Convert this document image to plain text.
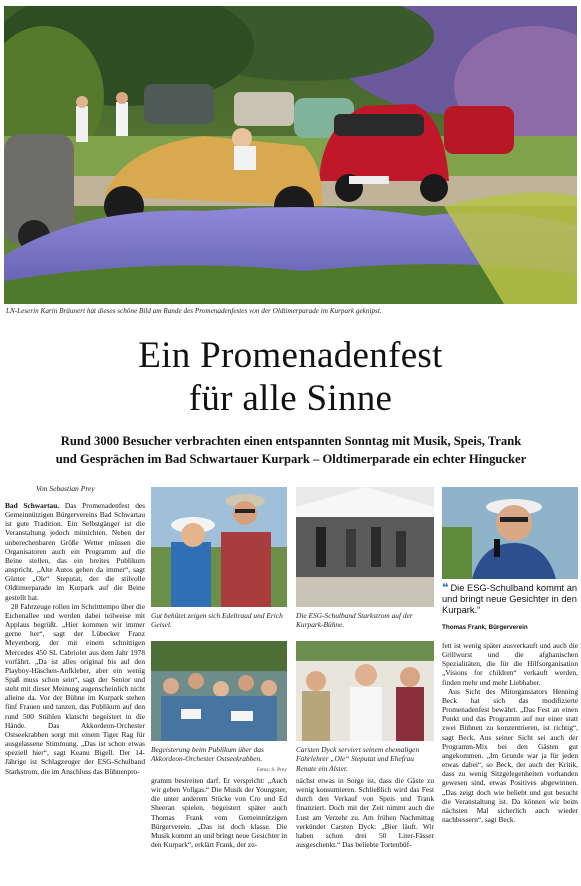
LN-Leserin Karin Bräunert hat dieses schöne Bild am Rande des Promenadenfestes von der Oldtimerparade im Kurpark geknipst.
Ein Promenadenfest
für alle Sinne
Rund 3000 Besucher verbrachten einen entspannten Sonntag mit Musik, Speis, Trank
und Gesprächen im Bad Schwartauer Kurpark – Oldtimerparade ein echter Hingucker
Von Sebastian Prey

Bad Schwartau. Das Promenadenfest des Gemeinnützigen Bürgervereins Bad Schwartau ist gute Tradition. Ein Selbstgänger ist die Veranstaltung jedoch mitnichten. Neben der unberechenbaren Größe Wetter müssen die Organisatoren auch ein Programm auf die Beine stellen, das ein breites Publikum anspricht. „Alte Autos gehen da immer“, sagt Günter „Ole“ Steputat, der die stilvolle Oldtimerparade im Kurpark auf die Beine gestellt hat.

28 Fahrzeuge rollen im Schritttempo über die Eichenallee und werden dabei teilweise mit Applaus begrüßt. „Hier kommen wir immer gerne her“, sagt der Lübecker Franz Meyenborg, der mit einem schnittigen Mercedes 450 SL Cabriolet aus dem Jahr 1978 vorfährt. „Da ist alles original bis auf den Playboy-Häschen-Aufkleber, aber ein wenig Spaß muss schon sein“, sagt der Senior und steht mit dieser Meinung augenscheinlich nicht alleine da. Vor der Bühne im Kurpark stehen fünf Frauen und tanzen, das Publikum auf den rund 500 Stühlen klatscht begeistert in die Hände. Das Akkordeon-Orchester Ostseekrabben sorgt mit einem Tiger Rag für ausgelassene Stimmung. „Das ist schon etwas speziell hier“, sagt Keanu Bigell. Der 14-Jährige ist Schlagzeuger der ESG-Schulband Starkstrom, die im Anschluss das Bühnenpro-

Gut behütet zeigen sich Edeltraud und Erich Geisel.
Die ESG-Schulband Starkstrom auf der Kurpark-Bühne.
❝ Die ESG-Schulband kommt an und bringt neue Gesichter in den Kurpark.“
Thomas Frank, Bürgerverein
Begeisterung beim Publikum über das Akkordeon-Orchester Ostseekrabben.
Fotos: S. Prey
Carsten Dyck serviert seinem ehemaligen Fahrlehrer „Ole“ Steputat und Ehefrau Renate ein Alster.

gramm bestreiten darf. Er verspricht: „Auch wir geben Vollgas.“ Die Musik der Youngster, die unter anderem Stücke von Cro und Ed Sheeran spielen, begeistert später auch Thomas Frank vom Gemeinnützigen Bürgerverein. „Das ist doch klasse. Die Musik kommt an und bringt neue Gesichter in den Kurpark“, erklärt Frank, der zu-

nächst etwas in Sorge ist, dass die Gäste zu wenig konsumieren. Schließlich wird das Fest durch den Verkauf von Speis und Trank finanziert. Doch mit der Zeit nimmt auch die Lust am Verzehr zu. Am frühen Nachmittag verkündet Carsten Dyck: „Bier läuft. Wir haben schon drei 50 Liter-Fässer ausgeschenkt.“ Das beliebte Tortenbüf-

fett ist wenig später ausverkauft und auch die Grillwurst und die afghanischen Spezialitäten, die für die Hilfsorganisation „Visions for children“ verkauft werden, finden mehr und mehr Liebhaber.

Aus Sicht des Mitorgansiators Henning Beck hat sich das modifizierte Promenadenfest bewährt. „Das Fest an einen Punkt und das Programm auf nur einer statt zwei Bühnen zu konzentrieren, ist richtig“, sagt Beck. Aus seiner Sicht sei auch der Programm-Mix bei den Gästen gut angekommen. „Im Grunde war ja für jeden etwas dabei“, so Beck, der auch der Kritik, dass zu wenig Sitzgelegenheiten vorhanden gewesen sind, etwas Positives abgewinnen. „Das zeigt doch wie beliebt und gut besucht die Veranstaltung ist. Da können wir beim nächsten Mal sicherlich auch wieder nachbessern“, sagt Beck.
